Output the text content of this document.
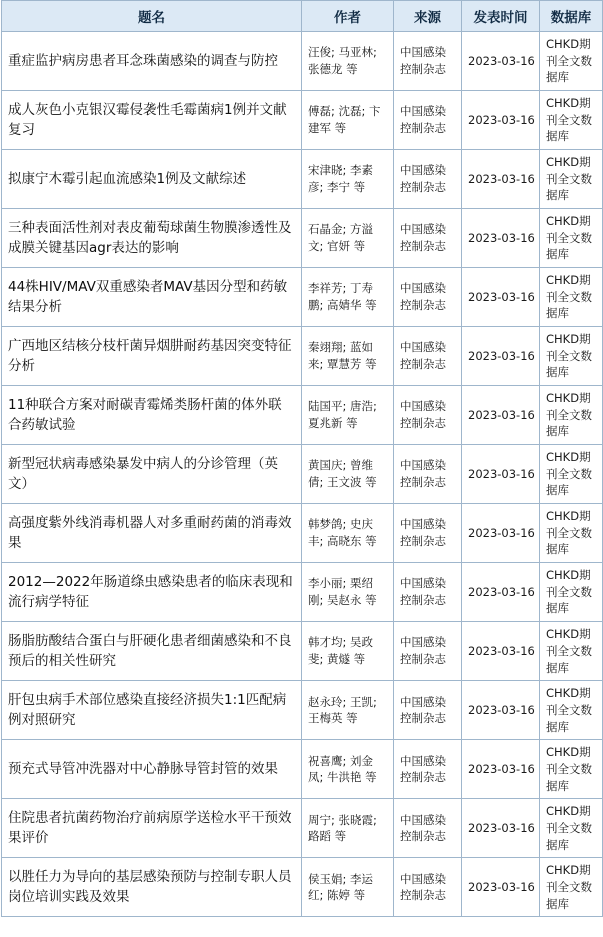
题名	作者	来源	发表时间	数据库
重症监护病房患者耳念珠菌感染的调查与防控	汪俊; 马亚林; 张德龙 等	中国感染控制杂志	2023-03-16	CHKD期刊全文数据库
成人灰色小克银汉霉侵袭性毛霉菌病1例并文献复习	傅磊; 沈磊; 卞建军 等	中国感染控制杂志	2023-03-16	CHKD期刊全文数据库
拟康宁木霉引起血流感染1例及文献综述	宋津晓; 李素彦; 李宁 等	中国感染控制杂志	2023-03-16	CHKD期刊全文数据库
三种表面活性剂对表皮葡萄球菌生物膜渗透性及成膜关键基因agr表达的影响	石晶金; 方溢文; 官妍 等	中国感染控制杂志	2023-03-16	CHKD期刊全文数据库
44株HIV/MAV双重感染者MAV基因分型和药敏结果分析	李祥芳; 丁寿鹏; 高婧华 等	中国感染控制杂志	2023-03-16	CHKD期刊全文数据库
广西地区结核分枝杆菌异烟肼耐药基因突变特征分析	秦翊翔; 蓝如来; 覃慧芳 等	中国感染控制杂志	2023-03-16	CHKD期刊全文数据库
11种联合方案对耐碳青霉烯类肠杆菌的体外联合药敏试验	陆国平; 唐浩; 夏兆新 等	中国感染控制杂志	2023-03-16	CHKD期刊全文数据库
新型冠状病毒感染暴发中病人的分诊管理（英文）	黄国庆; 曾维倩; 王文波 等	中国感染控制杂志	2023-03-16	CHKD期刊全文数据库
高强度紫外线消毒机器人对多重耐药菌的消毒效果	韩梦鸽; 史庆丰; 高晓东 等	中国感染控制杂志	2023-03-16	CHKD期刊全文数据库
2012—2022年肠道绦虫感染患者的临床表现和流行病学特征	李小丽; 栗绍刚; 吴赵永 等	中国感染控制杂志	2023-03-16	CHKD期刊全文数据库
肠脂肪酸结合蛋白与肝硬化患者细菌感染和不良预后的相关性研究	韩才均; 吴政斐; 黄燧 等	中国感染控制杂志	2023-03-16	CHKD期刊全文数据库
肝包虫病手术部位感染直接经济损失1:1匹配病例对照研究	赵永玲; 王凯; 王梅英 等	中国感染控制杂志	2023-03-16	CHKD期刊全文数据库
预充式导管冲洗器对中心静脉导管封管的效果	祝喜鹰; 刘金凤; 牛洪艳 等	中国感染控制杂志	2023-03-16	CHKD期刊全文数据库
住院患者抗菌药物治疗前病原学送检水平干预效果评价	周宁; 张晓霞; 路蹈 等	中国感染控制杂志	2023-03-16	CHKD期刊全文数据库
以胜任力为导向的基层感染预防与控制专职人员岗位培训实践及效果	侯玉娟; 李运红; 陈婷 等	中国感染控制杂志	2023-03-16	CHKD期刊全文数据库
